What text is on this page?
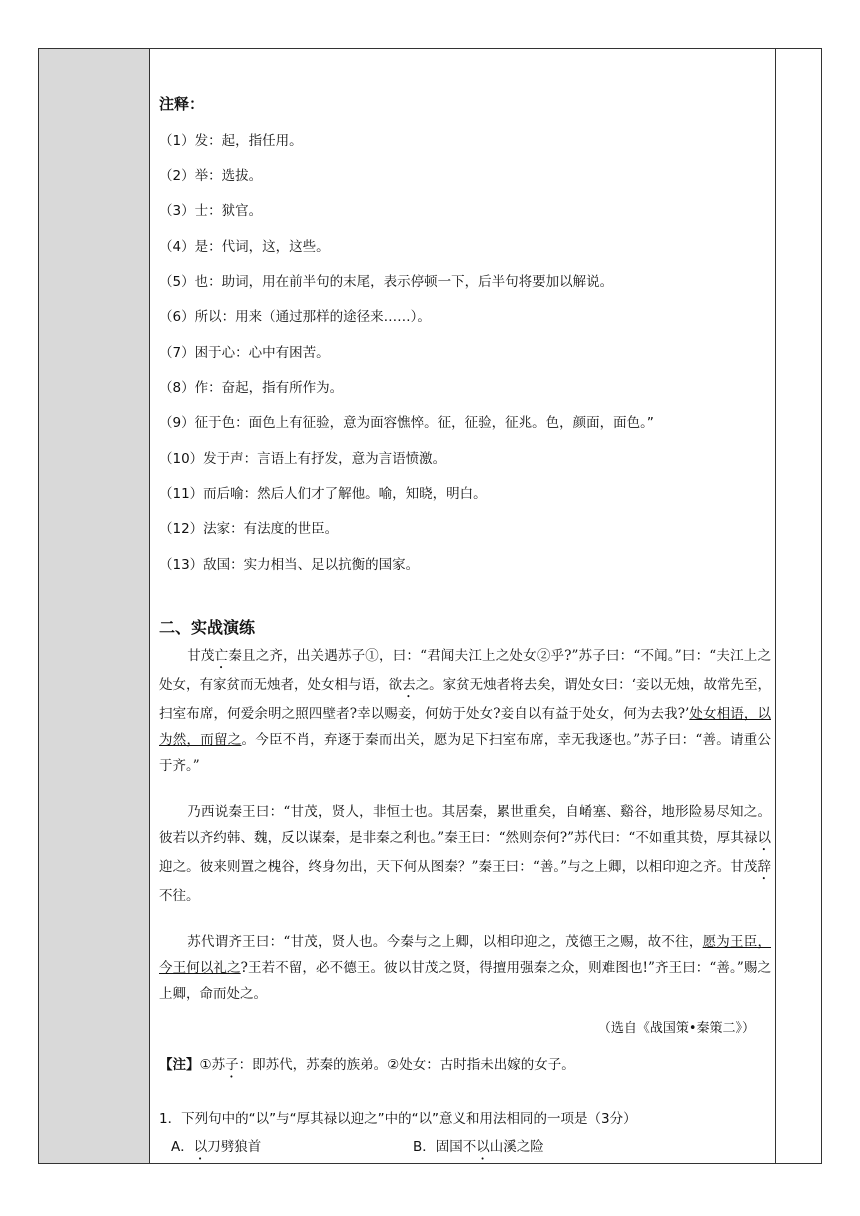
注释：
（1）发：起，指任用。
（2）举：选拔。
（3）士：狱官。
（4）是：代词，这，这些。
（5）也：助词，用在前半句的末尾，表示停顿一下，后半句将要加以解说。
（6）所以：用来（通过那样的途径来……）。
（7）困于心：心中有困苦。
（8）作：奋起，指有所作为。
（9）征于色：面色上有征验，意为面容憔悴。征，征验，征兆。色，颜面，面色。”
（10）发于声：言语上有抒发，意为言语愤激。
（11）而后喻：然后人们才了解他。喻，知晓，明白。
（12）法家：有法度的世臣。
（13）敌国：实力相当、足以抗衡的国家。
二、实战演练
甘茂亡秦且之齐，出关遇苏子①，曰：“君闻夫江上之处女②乎?”苏子曰：“不闻。”曰：“夫江上之处女，有家贫而无烛者，处女相与语，欲去之。家贫无烛者将去矣，谓处女曰：‘妾以无烛，故常先至，扫室布席，何爱余明之照四壁者?幸以赐妾，何妨于处女?妾自以有益于处女，何为去我?’处女相语，以为然，而留之。今臣不肖，弃逐于秦而出关，愿为足下扫室布席，幸无我逐也。”苏子曰：“善。请重公于齐。”
乃西说秦王曰：“甘茂，贤人，非恒士也。其居秦，累世重矣，自崤塞、谿谷，地形险易尽知之。彼若以齐约韩、魏，反以谋秦，是非秦之利也。”秦王曰：“然则奈何?”苏代曰：“不如重其贽，厚其禄以迎之。彼来则置之槐谷，终身勿出，天下何从图秦？”秦王曰：“善。”与之上卿，以相印迎之齐。甘茂辞不往。
苏代谓齐王曰：“甘茂，贤人也。今秦与之上卿，以相印迎之，茂德王之赐，故不往，愿为王臣，今王何以礼之?王若不留，必不德王。彼以甘茂之贤，得擅用强秦之众，则难图也!”齐王曰：“善。”赐之上卿，命而处之。
（选自《战国策•秦策二》）
【注】①苏子：即苏代，苏秦的族弟。②处女：古时指未出嫁的女子。
1．下列句中的“以”与“厚其禄以迎之”中的“以”意义和用法相同的一项是（3分）
A．以刀劈狼首	B．固国不以山溪之险
